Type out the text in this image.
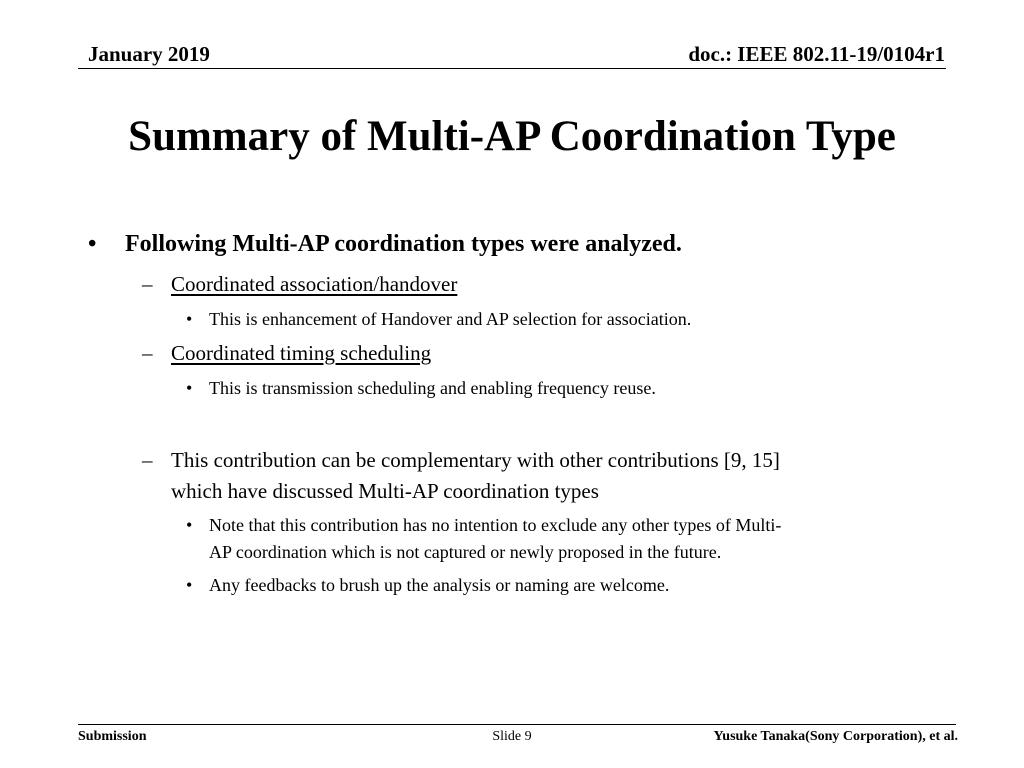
January 2019	doc.: IEEE 802.11-19/0104r1
Summary of Multi-AP Coordination Type
• Following Multi-AP coordination types were analyzed.
– Coordinated association/handover
• This is enhancement of Handover and AP selection for association.
– Coordinated timing scheduling
• This is transmission scheduling and enabling frequency reuse.
– This contribution can be complementary with other contributions [9, 15]
which have discussed Multi-AP coordination types
• Note that this contribution has no intention to exclude any other types of Multi-
AP coordination which is not captured or newly proposed in the future.
• Any feedbacks to brush up the analysis or naming are welcome.
Submission	Slide 9	Yusuke Tanaka(Sony Corporation), et al.
